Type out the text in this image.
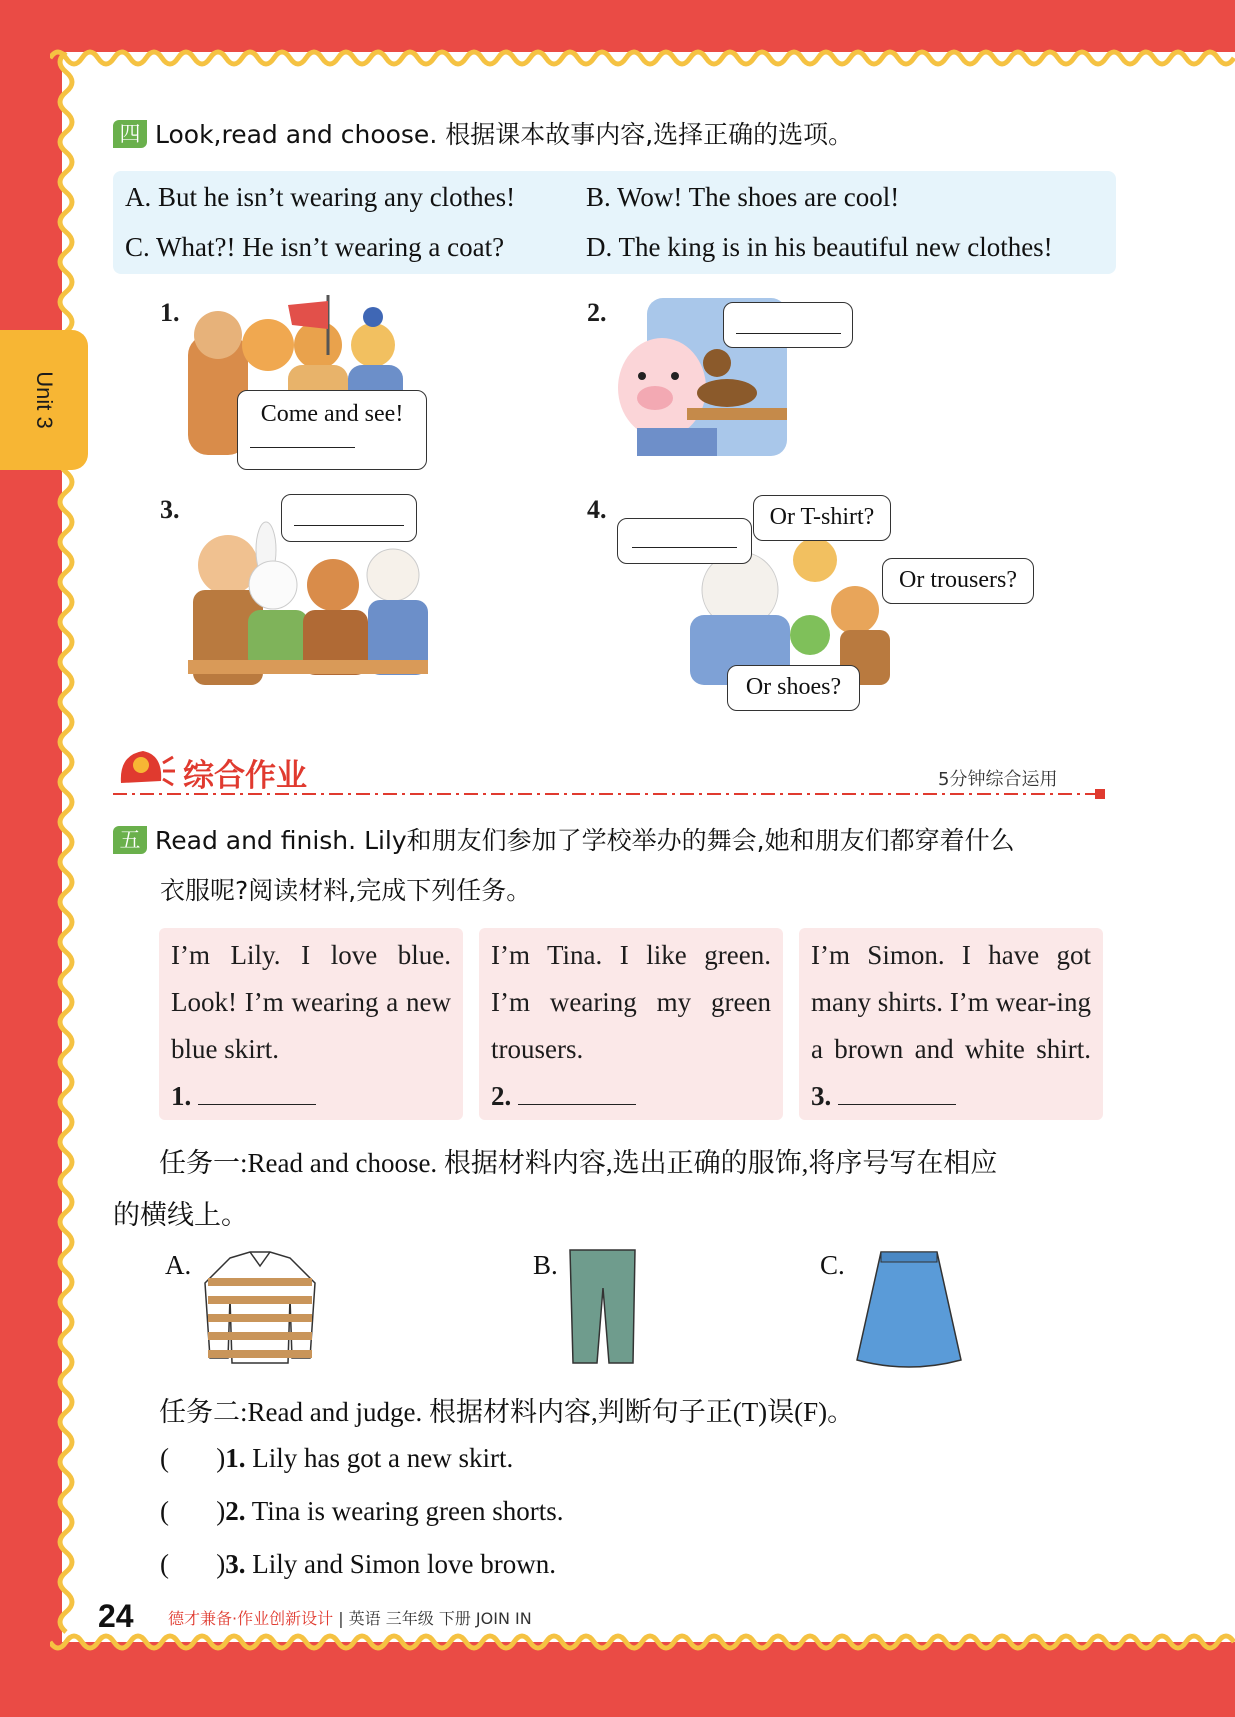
Unit 3
四 Look,read and choose. 根据课本故事内容,选择正确的选项。
A. But he isn’t wearing any clothes!	B. Wow! The shoes are cool!
C. What?! He isn’t wearing a coat?	D. The king is in his beautiful new clothes!
1.
Come and see!
2.
3.	4.	Or T-shirt?
Or trousers?
Or shoes?
综合作业	5分钟综合运用
五 Read and finish. Lily和朋友们参加了学校举办的舞会,她和朋友们都穿着什么
衣服呢?阅读材料,完成下列任务。
I’m Lily. I love blue. Look! I’m wearing a new blue skirt.
1.
I’m Tina. I like green. I’m wearing my green trousers.
2.
I’m Simon. I have got many shirts. I’m wear-ing a brown and white shirt. 3.
任务一:Read and choose. 根据材料内容,选出正确的服饰,将序号写在相应
的横线上。
A.	B.	C.
任务二:Read and judge. 根据材料内容,判断句子正(T)误(F)。
(       )1. Lily has got a new skirt.
(       )2. Tina is wearing green shorts.
(       )3. Lily and Simon love brown.
24 德才兼备·作业创新设计 | 英语 三年级 下册 JOIN IN
